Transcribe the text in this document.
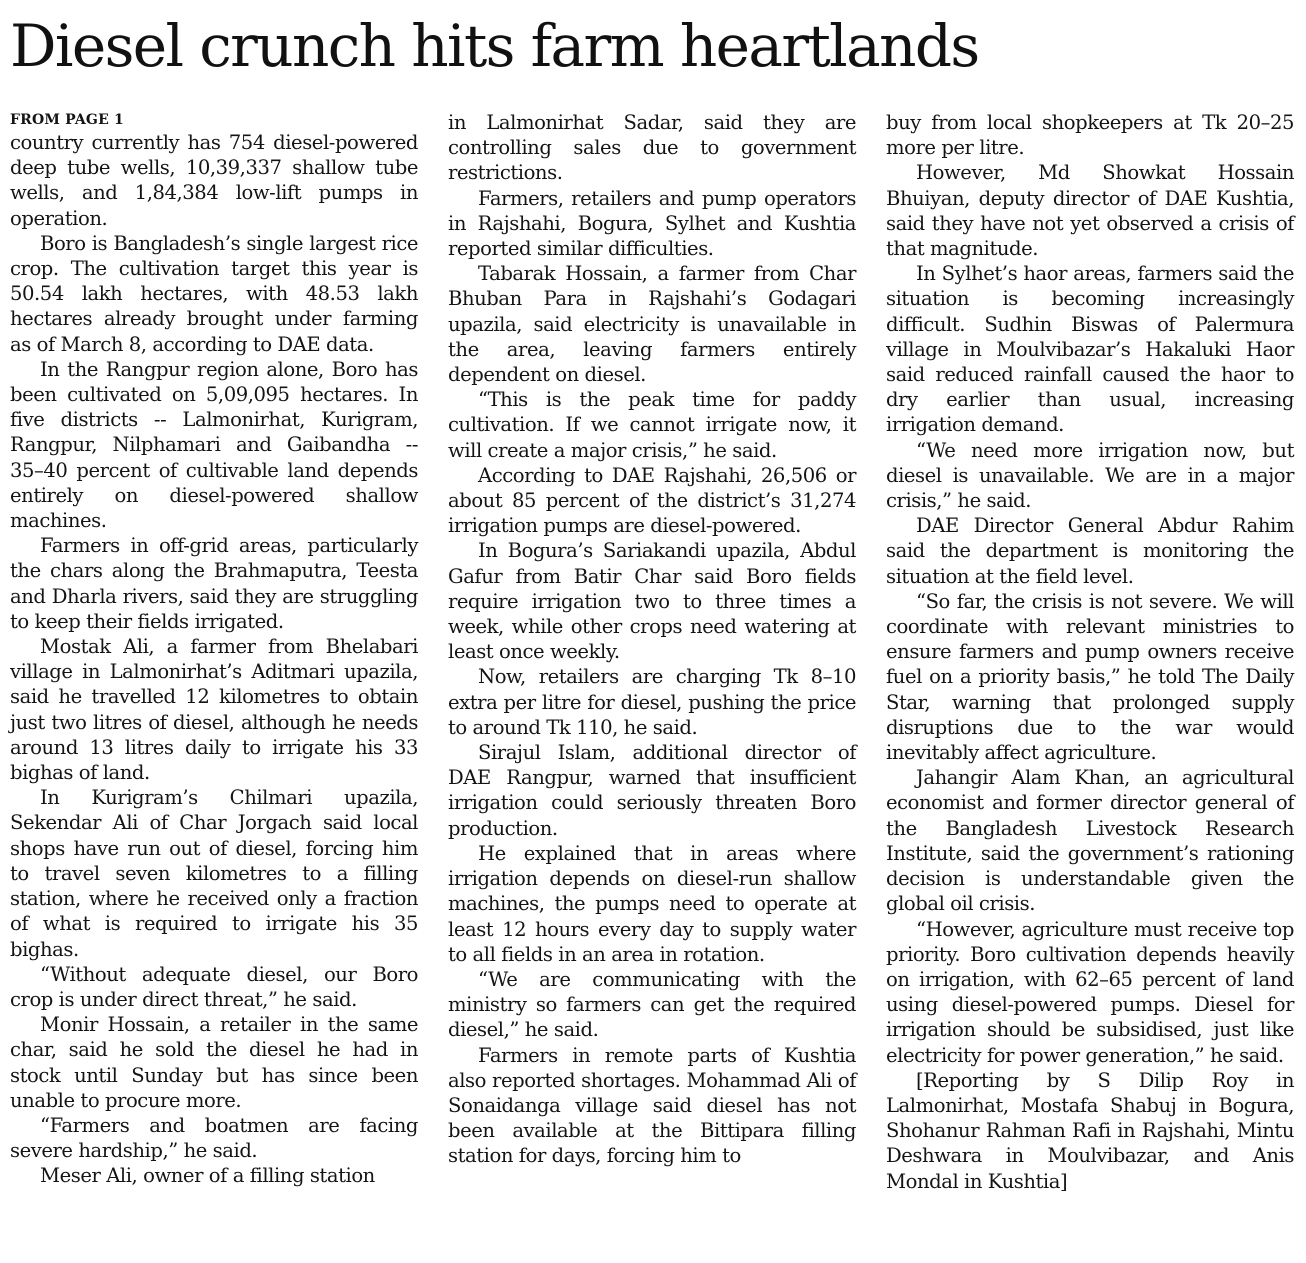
Diesel crunch hits farm heartlands
FROM PAGE 1

country currently has 754 diesel-powered deep tube wells, 10,39,337 shallow tube wells, and 1,84,384 low-lift pumps in operation.

Boro is Bangladesh’s single largest rice crop. The cultivation target this year is 50.54 lakh hectares, with 48.53 lakh hectares already brought under farming as of March 8, according to DAE data.

In the Rangpur region alone, Boro has been cultivated on 5,09,095 hectares. In five districts -- Lalmonirhat, Kurigram, Rangpur, Nilphamari and Gaibandha -- 35–40 percent of cultivable land depends entirely on diesel-powered shallow machines.

Farmers in off-grid areas, particularly the chars along the Brahmaputra, Teesta and Dharla rivers, said they are struggling to keep their fields irrigated.

Mostak Ali, a farmer from Bhelabari village in Lalmonirhat’s Aditmari upazila, said he travelled 12 kilometres to obtain just two litres of diesel, although he needs around 13 litres daily to irrigate his 33 bighas of land.

In Kurigram’s Chilmari upazila, Sekendar Ali of Char Jorgach said local shops have run out of diesel, forcing him to travel seven kilometres to a filling station, where he received only a fraction of what is required to irrigate his 35 bighas.

“Without adequate diesel, our Boro crop is under direct threat,” he said.

Monir Hossain, a retailer in the same char, said he sold the diesel he had in stock until Sunday but has since been unable to procure more.

“Farmers and boatmen are facing severe hardship,” he said.

Meser Ali, owner of a filling station

in Lalmonirhat Sadar, said they are controlling sales due to government restrictions.

Farmers, retailers and pump operators in Rajshahi, Bogura, Sylhet and Kushtia reported similar difficulties.

Tabarak Hossain, a farmer from Char Bhuban Para in Rajshahi’s Godagari upazila, said electricity is unavailable in the area, leaving farmers entirely dependent on diesel.

“This is the peak time for paddy cultivation. If we cannot irrigate now, it will create a major crisis,” he said.

According to DAE Rajshahi, 26,506 or about 85 percent of the district’s 31,274 irrigation pumps are diesel-powered.

In Bogura’s Sariakandi upazila, Abdul Gafur from Batir Char said Boro fields require irrigation two to three times a week, while other crops need watering at least once weekly.

Now, retailers are charging Tk 8–10 extra per litre for diesel, pushing the price to around Tk 110, he said.

Sirajul Islam, additional director of DAE Rangpur, warned that insufficient irrigation could seriously threaten Boro production.

He explained that in areas where irrigation depends on diesel-run shallow machines, the pumps need to operate at least 12 hours every day to supply water to all fields in an area in rotation.

“We are communicating with the ministry so farmers can get the required diesel,” he said.

Farmers in remote parts of Kushtia also reported shortages. Mohammad Ali of Sonaidanga village said diesel has not been available at the Bittipara filling station for days, forcing him to

buy from local shopkeepers at Tk 20–25 more per litre.

However, Md Showkat Hossain Bhuiyan, deputy director of DAE Kushtia, said they have not yet observed a crisis of that magnitude.

In Sylhet’s haor areas, farmers said the situation is becoming increasingly difficult. Sudhin Biswas of Palermura village in Moulvibazar’s Hakaluki Haor said reduced rainfall caused the haor to dry earlier than usual, increasing irrigation demand.

“We need more irrigation now, but diesel is unavailable. We are in a major crisis,” he said.

DAE Director General Abdur Rahim said the department is monitoring the situation at the field level.

“So far, the crisis is not severe. We will coordinate with relevant ministries to ensure farmers and pump owners receive fuel on a priority basis,” he told The Daily Star, warning that prolonged supply disruptions due to the war would inevitably affect agriculture.

Jahangir Alam Khan, an agricultural economist and former director general of the Bangladesh Livestock Research Institute, said the government’s rationing decision is understandable given the global oil crisis.

“However, agriculture must receive top priority. Boro cultivation depends heavily on irrigation, with 62–65 percent of land using diesel-powered pumps. Diesel for irrigation should be subsidised, just like electricity for power generation,” he said.

[Reporting by S Dilip Roy in Lalmonirhat, Mostafa Shabuj in Bogura, Shohanur Rahman Rafi in Rajshahi, Mintu Deshwara in Moulvibazar, and Anis Mondal in Kushtia]
